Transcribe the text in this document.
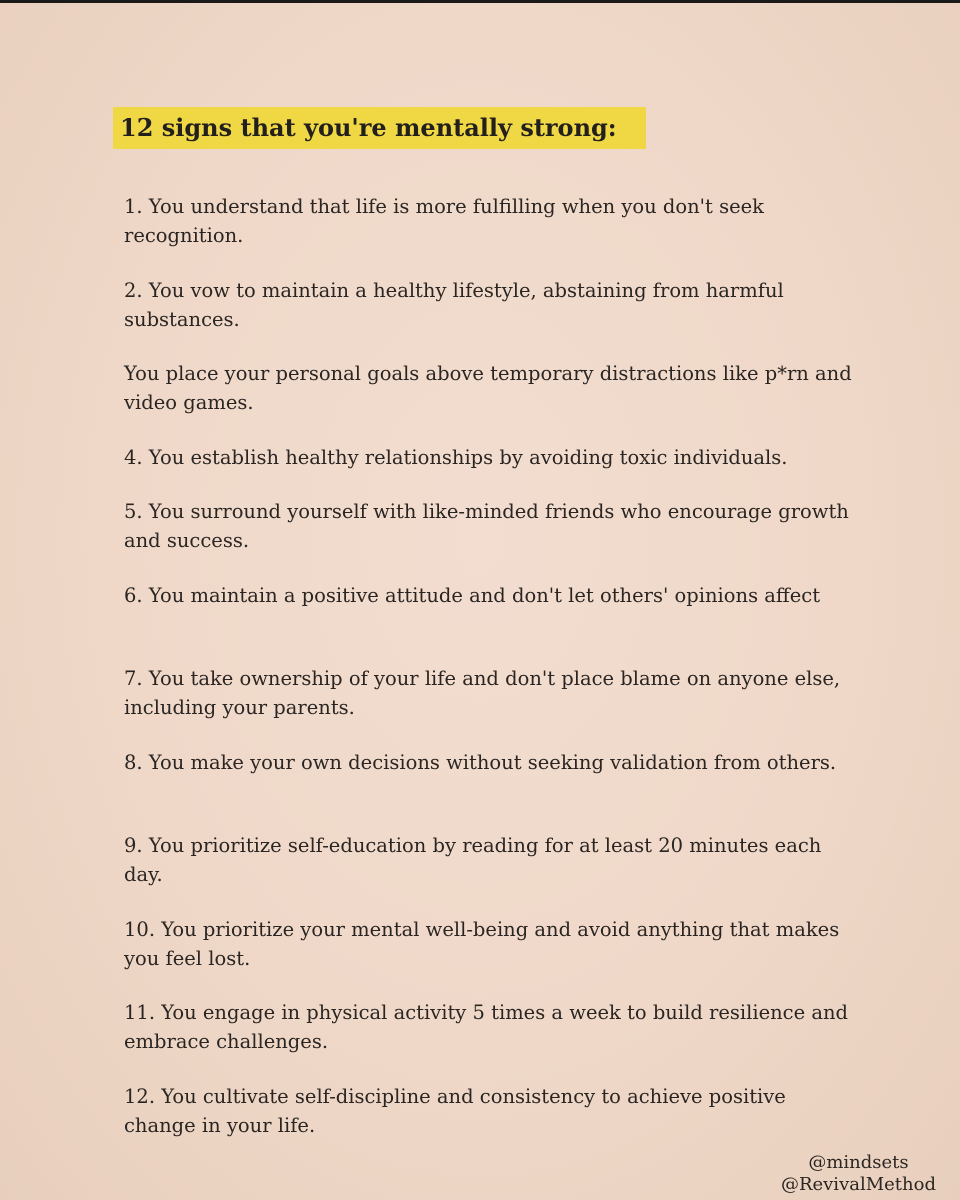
12 signs that you're mentally strong:
1. You understand that life is more fulfilling when you don't seek recognition.
2. You vow to maintain a healthy lifestyle, abstaining from harmful substances.
You place your personal goals above temporary distractions like p*rn and video games.
4. You establish healthy relationships by avoiding toxic individuals.
5. You surround yourself with like-minded friends who encourage growth and success.
6. You maintain a positive attitude and don't let others' opinions affect
7. You take ownership of your life and don't place blame on anyone else, including your parents.
8. You make your own decisions without seeking validation from others.
9. You prioritize self-education by reading for at least 20 minutes each day.
10. You prioritize your mental well-being and avoid anything that makes you feel lost.
11. You engage in physical activity 5 times a week to build resilience and embrace challenges.
12. You cultivate self-discipline and consistency to achieve positive change in your life.
@mindsets
@RevivalMethod
